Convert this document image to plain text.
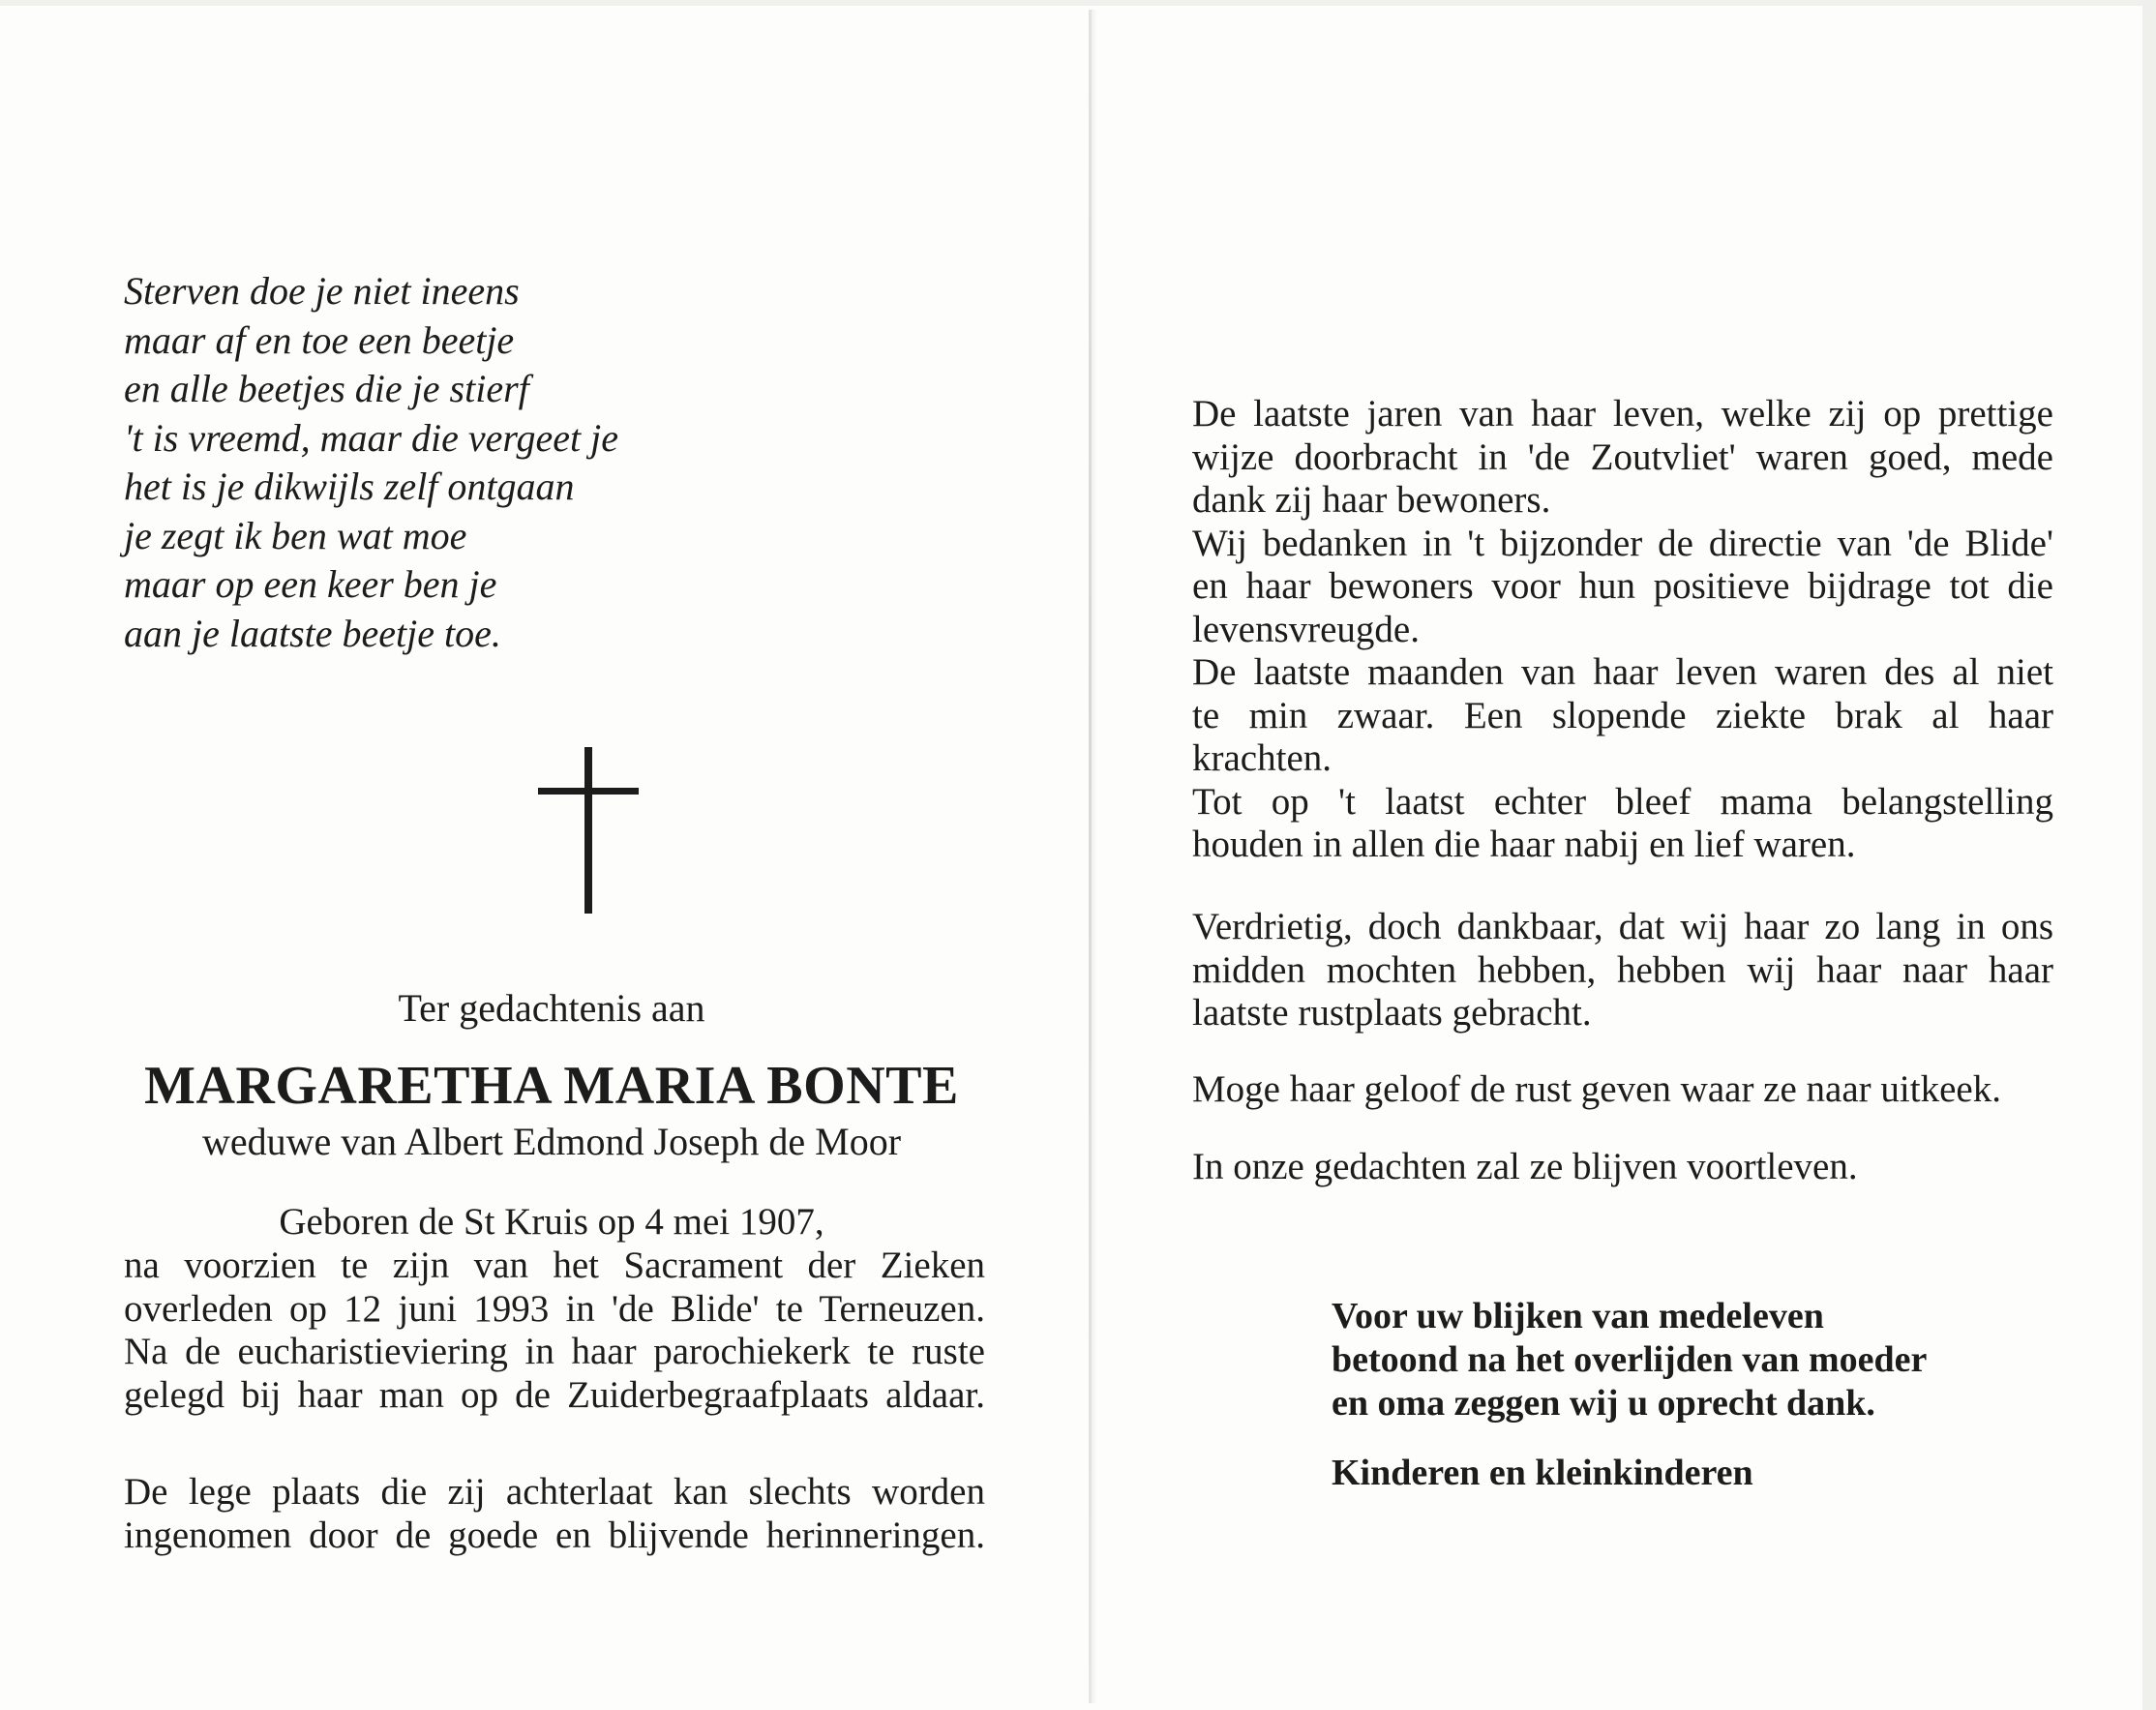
Sterven doe je niet ineens
maar af en toe een beetje
en alle beetjes die je stierf
't is vreemd, maar die vergeet je
het is je dikwijls zelf ontgaan
je zegt ik ben wat moe
maar op een keer ben je
aan je laatste beetje toe.
Ter gedachtenis aan
MARGARETHA MARIA BONTE
weduwe van Albert Edmond Joseph de Moor
Geboren de St Kruis op 4 mei 1907,
na voorzien te zijn van het Sacrament der Zieken
overleden op 12 juni 1993 in 'de Blide' te Terneuzen.
Na de eucharistieviering in haar parochiekerk te ruste
gelegd bij haar man op de Zuiderbegraafplaats aldaar.
De lege plaats die zij achterlaat kan slechts worden
ingenomen door de goede en blijvende herinneringen.
De laatste jaren van haar leven, welke zij op prettige
wijze doorbracht in 'de Zoutvliet' waren goed, mede
dank zij haar bewoners.
Wij bedanken in 't bijzonder de directie van 'de Blide'
en haar bewoners voor hun positieve bijdrage tot die
levensvreugde.
De laatste maanden van haar leven waren des al niet
te min zwaar. Een slopende ziekte brak al haar
krachten.
Tot op 't laatst echter bleef mama belangstelling
houden in allen die haar nabij en lief waren.
Verdrietig, doch dankbaar, dat wij haar zo lang in ons
midden mochten hebben, hebben wij haar naar haar
laatste rustplaats gebracht.
Moge haar geloof de rust geven waar ze naar uitkeek.
In onze gedachten zal ze blijven voortleven.
Voor uw blijken van medeleven
betoond na het overlijden van moeder
en oma zeggen wij u oprecht dank.
Kinderen en kleinkinderen
